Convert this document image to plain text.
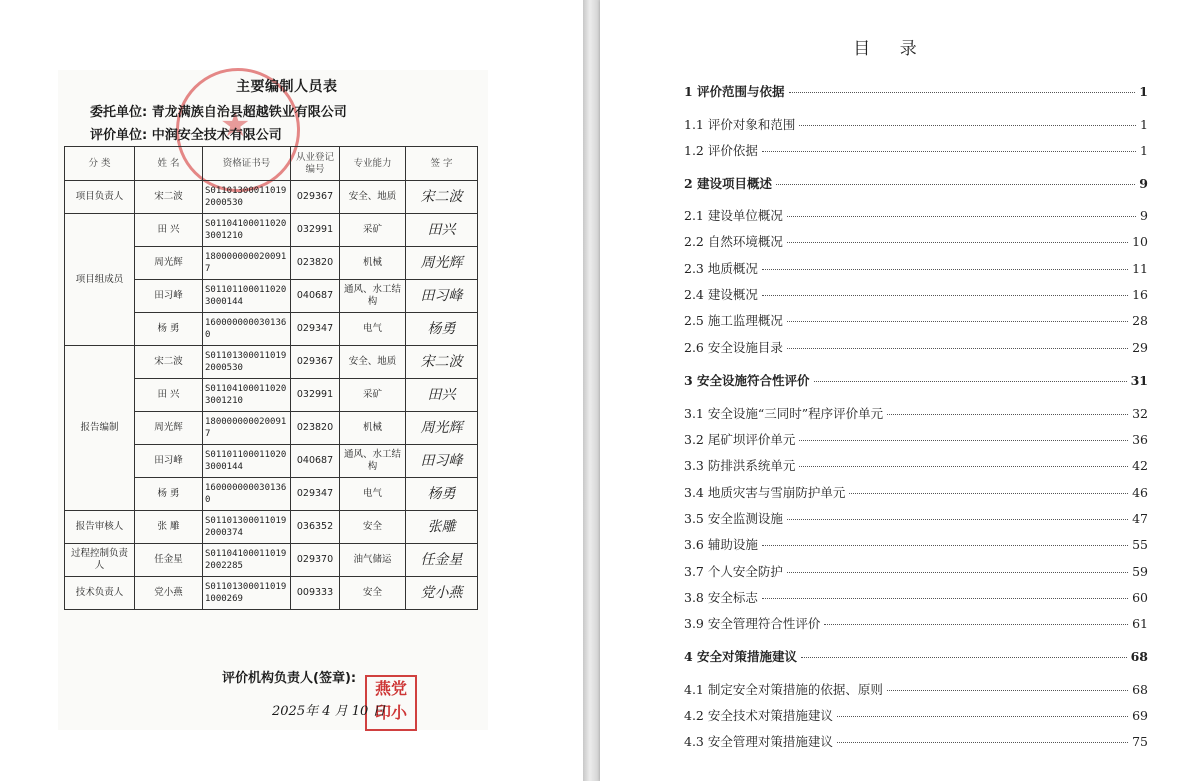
★
主要编制人员表
委托单位: 青龙满族自治县超越铁业有限公司
评价单位: 中润安全技术有限公司
分 类	姓 名	资格证书号	从业登记编号	专业能力	签 字
项目负责人	宋二波	S011013000110192000530	029367	安全、地质	宋二波
项目组成员	田 兴	S011041000110203001210	032991	采矿	田兴
	周光辉	1800000000200917	023820	机械	周光辉
	田习峰	S011011000110203000144	040687	通风、水工结构	田习峰
	杨 勇	1600000000301360	029347	电气	杨勇
报告编制	宋二波	S011013000110192000530	029367	安全、地质	宋二波
	田 兴	S011041000110203001210	032991	采矿	田兴
	周光辉	1800000000200917	023820	机械	周光辉
	田习峰	S011011000110203000144	040687	通风、水工结构	田习峰
	杨 勇	1600000000301360	029347	电气	杨勇
报告审核人	张 雕	S011013000110192000374	036352	安全	张雕
过程控制负责人	任金星	S011041000110192002285	029370	油气储运	任金星
技术负责人	党小燕	S011013000110191000269	009333	安全	党小燕
评价机构负责人(签章):
燕党
印小
2025年 4 月 10 日
目 录
1 评价范围与依据	1
1.1 评价对象和范围	1
1.2 评价依据	1
2 建设项目概述	9
2.1 建设单位概况	9
2.2 自然环境概况	10
2.3 地质概况	11
2.4 建设概况	16
2.5 施工监理概况	28
2.6 安全设施目录	29
3 安全设施符合性评价	31
3.1 安全设施“三同时”程序评价单元	32
3.2 尾矿坝评价单元	36
3.3 防排洪系统单元	42
3.4 地质灾害与雪崩防护单元	46
3.5 安全监测设施	47
3.6 辅助设施	55
3.7 个人安全防护	59
3.8 安全标志	60
3.9 安全管理符合性评价	61
4 安全对策措施建议	68
4.1 制定安全对策措施的依据、原则	68
4.2 安全技术对策措施建议	69
4.3 安全管理对策措施建议	75
